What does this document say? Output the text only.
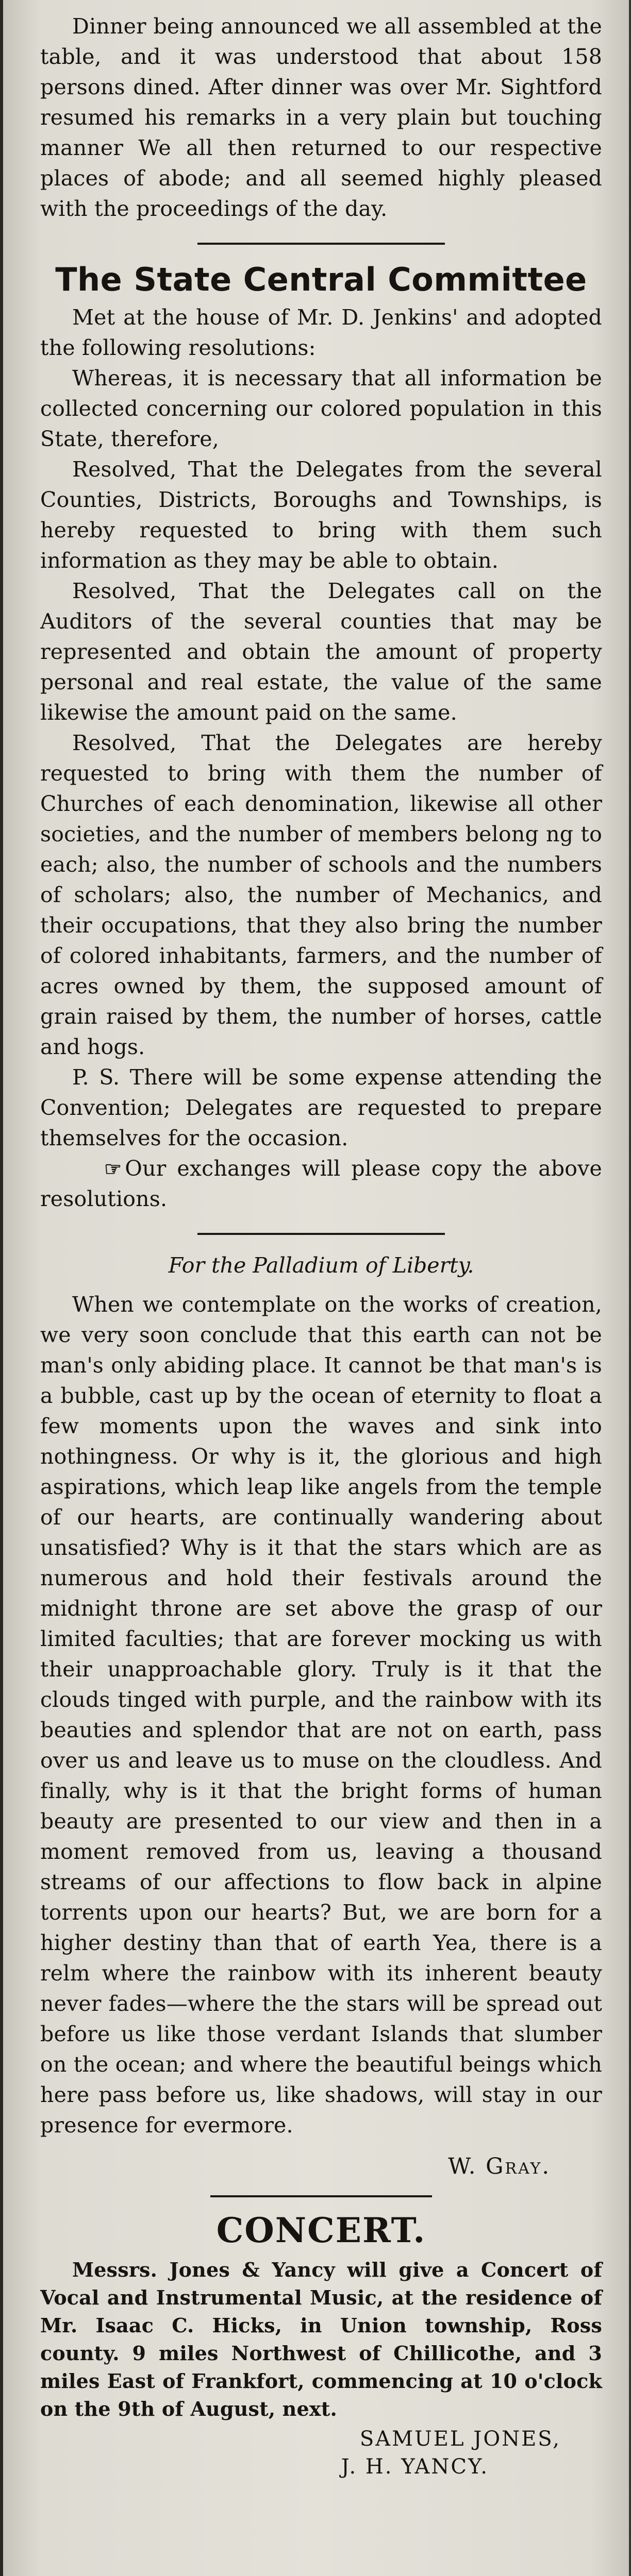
Dinner being announced we all assembled at the table, and it was understood that about 158 persons dined. After dinner was over Mr. Sightford resumed his remarks in a very plain but touching manner We all then returned to our respective places of abode; and all seemed highly pleased with the proceedings of the day.

The State Central Committee

Met at the house of Mr. D. Jenkins' and adopted the following resolutions:

Whereas, it is necessary that all information be collected concerning our colored population in this State, therefore,

Resolved, That the Delegates from the several Counties, Districts, Boroughs and Townships, is hereby requested to bring with them such information as they may be able to obtain.

Resolved, That the Delegates call on the Auditors of the several counties that may be represented and obtain the amount of property personal and real estate, the value of the same likewise the amount paid on the same.

Resolved, That the Delegates are hereby requested to bring with them the number of Churches of each denomination, likewise all other societies, and the number of members belong ng to each; also, the number of schools and the numbers of scholars; also, the number of Mechanics, and their occupations, that they also bring the number of colored inhabitants, farmers, and the number of acres owned by them, the supposed amount of grain raised by them, the number of horses, cattle and hogs.

P. S. There will be some expense attending the Convention; Delegates are requested to prepare themselves for the occasion.

☞ Our exchanges will please copy the above resolutions.

For the Palladium of Liberty.

When we contemplate on the works of creation, we very soon conclude that this earth can not be man's only abiding place. It cannot be that man's is a bubble, cast up by the ocean of eternity to float a few moments upon the waves and sink into nothingness. Or why is it, the glorious and high aspirations, which leap like angels from the temple of our hearts, are continually wandering about unsatisfied? Why is it that the stars which are as numerous and hold their festivals around the midnight throne are set above the grasp of our limited faculties; that are forever mocking us with their unapproachable glory. Truly is it that the clouds tinged with purple, and the rainbow with its beauties and splendor that are not on earth, pass over us and leave us to muse on the cloudless. And finally, why is it that the bright forms of human beauty are presented to our view and then in a moment removed from us, leaving a thousand streams of our affections to flow back in alpine torrents upon our hearts? But, we are born for a higher destiny than that of earth Yea, there is a relm where the rainbow with its inherent beauty never fades—where the the stars will be spread out before us like those verdant Islands that slumber on the ocean; and where the beautiful beings which here pass before us, like shadows, will stay in our presence for evermore.

W. Gray.
CONCERT.

Messrs. Jones & Yancy will give a Concert of Vocal and Instrumental Music, at the residence of Mr. Isaac C. Hicks, in Union township, Ross county. 9 miles Northwest of Chillicothe, and 3 miles East of Frankfort, commencing at 10 o'clock on the 9th of August, next.

SAMUEL JONES,
J. H. YANCY.
